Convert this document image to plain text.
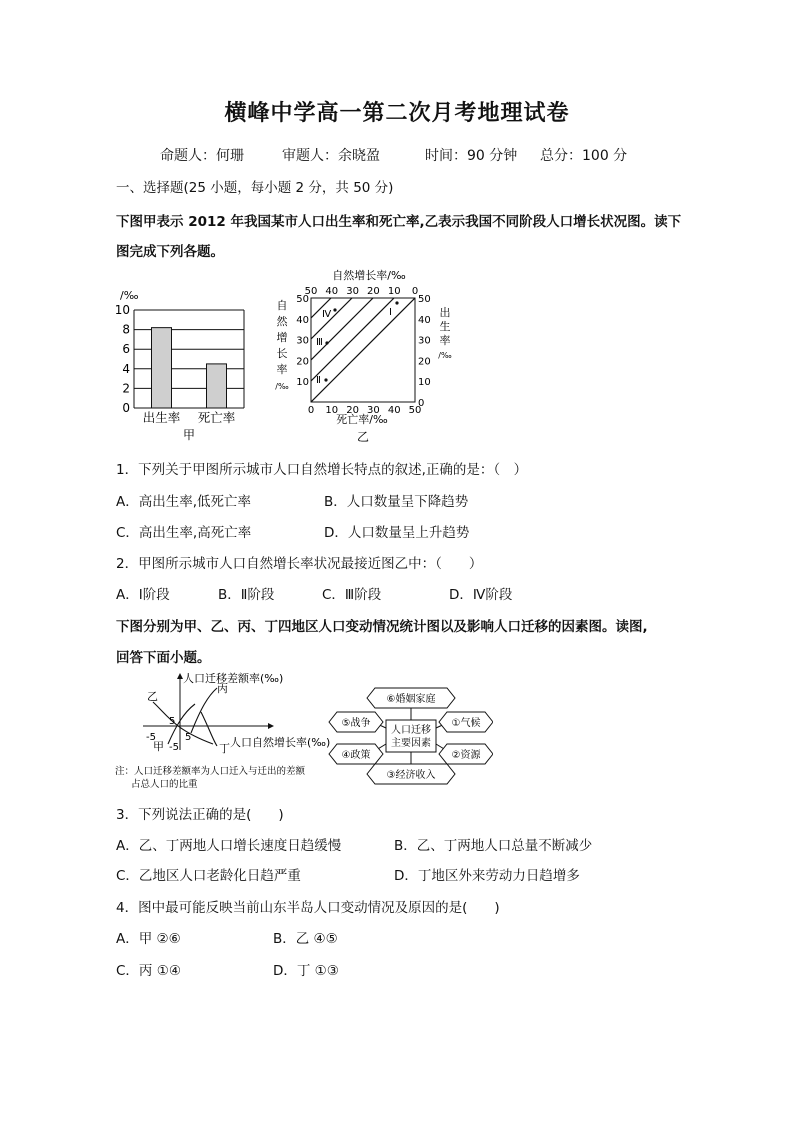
横峰中学高一第二次月考地理试卷
命题人：何珊	审题人：余晓盈	时间：90 分钟 总分：100 分
一、选择题(25 小题，每小题 2 分，共 50 分)
下图甲表示 2012 年我国某市人口出生率和死亡率,乙表示我国不同阶段人口增长状况图。读下
图完成下列各题。
/‰
0
2
4
6
8
10
出生率 死亡率
甲
自然增长率/‰
50 40 30 20 10 0
自
然
增
长
率
/‰
50
40
30
20
10
出
生
率
/‰
50
40
30
20
10
0
0 10 20 30 40 50
Ⅳ
Ⅲ
Ⅱ
Ⅰ
死亡率/‰
乙
1．下列关于甲图所示城市人口自然增长特点的叙述,正确的是：（　）
A．高出生率,低死亡率	B．人口数量呈下降趋势
C．高出生率,高死亡率	D．人口数量呈上升趋势
2．甲图所示城市人口自然增长率状况最接近图乙中：（　　）
A．Ⅰ阶段	B．Ⅱ阶段	C．Ⅲ阶段	D．Ⅳ阶段
下图分别为甲、乙、丙、丁四地区人口变动情况统计图以及影响人口迁移的因素图。读图,
回答下面小题。
人口迁移差额率(‰)
人口自然增长率(‰)
乙
丙
甲	丁
5
5
-5
-5
注：人口迁移差额率为人口迁入与迁出的差额
占总人口的比重
人口迁移
主要因素
⑥婚姻家庭
⑤战争	①气候
④政策	②资源
③经济收入
3．下列说法正确的是(　　)
A．乙、丁两地人口增长速度日趋缓慢	B．乙、丁两地人口总量不断减少
C．乙地区人口老龄化日趋严重	D．丁地区外来劳动力日趋增多
4．图中最可能反映当前山东半岛人口变动情况及原因的是(　　)
A．甲 ②⑥	B．乙 ④⑤
C．丙 ①④	D．丁 ①③
